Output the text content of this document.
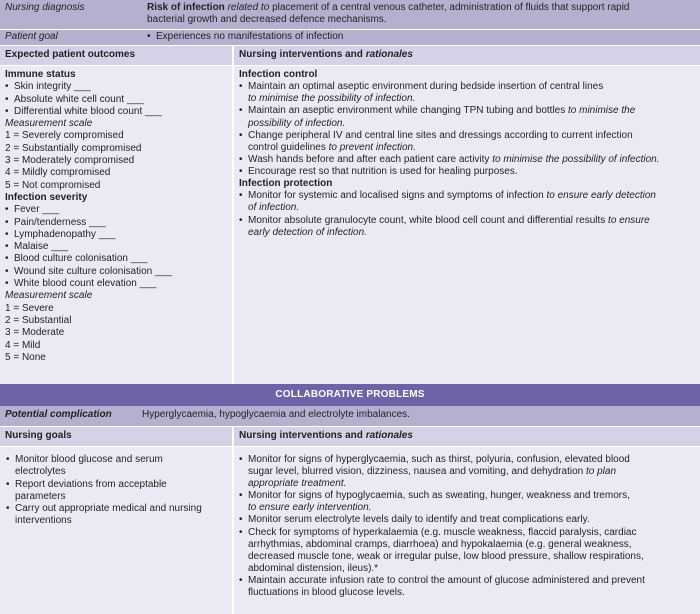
Nursing diagnosis	Risk of infection related to placement of a central venous catheter, administration of fluids that support rapid
bacterial growth and decreased defence mechanisms.
Patient goal
•	Experiences no manifestations of infection
Expected patient outcomes	Nursing interventions and rationales
Immune status
• Skin integrity ___
• Absolute white cell count ___
• Differential white blood count ___
Measurement scale
1 = Severely compromised
2 = Substantially compromised
3 = Moderately compromised
4 = Mildly compromised
5 = Not compromised
Infection severity
• Fever ___
• Pain/tenderness ___
• Lymphadenopathy ___
• Malaise ___
• Blood culture colonisation ___
• Wound site culture colonisation ___
• White blood count elevation ___
Measurement scale
1 = Severe
2 = Substantial
3 = Moderate
4 = Mild
5 = None
Infection control
• Maintain an optimal aseptic environment during bedside insertion of central lines
to minimise the possibility of infection.
• Maintain an aseptic environment while changing TPN tubing and bottles to minimise the
possibility of infection.
• Change peripheral IV and central line sites and dressings according to current infection
control guidelines to prevent infection.
• Wash hands before and after each patient care activity to minimise the possibility of infection.
• Encourage rest so that nutrition is used for healing purposes.
Infection protection
• Monitor for systemic and localised signs and symptoms of infection to ensure early detection
of infection.
• Monitor absolute granulocyte count, white blood cell count and differential results to ensure
early detection of infection.
COLLABORATIVE PROBLEMS
Potential complication	Hyperglycaemia, hypoglycaemia and electrolyte imbalances.
Nursing goals	Nursing interventions and rationales
• Monitor blood glucose and serum
electrolytes
• Report deviations from acceptable
parameters
• Carry out appropriate medical and nursing
interventions
• Monitor for signs of hyperglycaemia, such as thirst, polyuria, confusion, elevated blood
sugar level, blurred vision, dizziness, nausea and vomiting, and dehydration to plan
appropriate treatment.
• Monitor for signs of hypoglycaemia, such as sweating, hunger, weakness and tremors,
to ensure early intervention.
• Monitor serum electrolyte levels daily to identify and treat complications early.
• Check for symptoms of hyperkalaemia (e.g. muscle weakness, flaccid paralysis, cardiac
arrhythmias, abdominal cramps, diarrhoea) and hypokalaemia (e.g. general weakness,
decreased muscle tone, weak or irregular pulse, low blood pressure, shallow respirations,
abdominal distension, ileus).*
• Maintain accurate infusion rate to control the amount of glucose administered and prevent
fluctuations in blood glucose levels.
